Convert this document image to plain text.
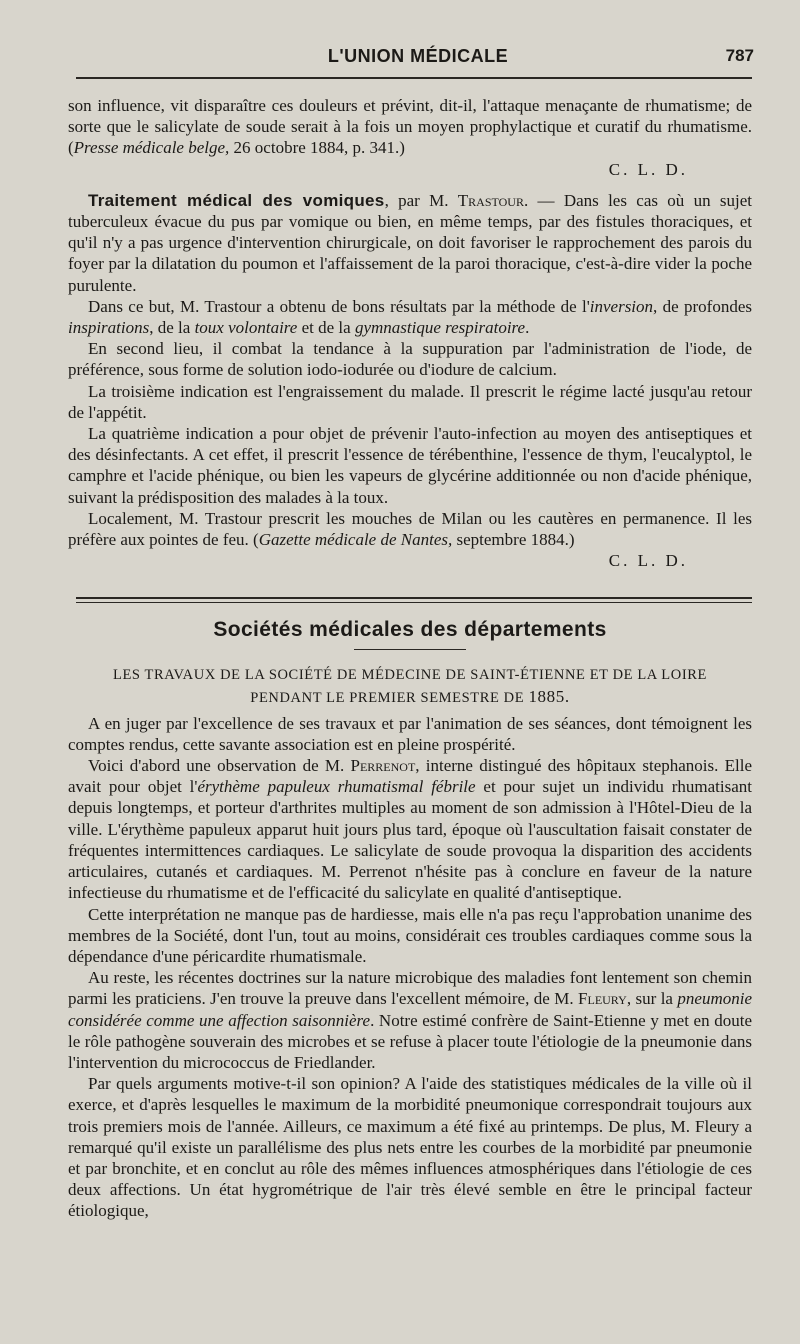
L'UNION MÉDICALE	787

son influence, vit disparaître ces douleurs et prévint, dit-il, l'attaque menaçante de rhumatisme; de sorte que le salicylate de soude serait à la fois un moyen prophylactique et curatif du rhumatisme. (Presse médicale belge, 26 octobre 1884, p. 341.)

C. L. D.

Traitement médical des vomiques, par M. Trastour. — Dans les cas où un sujet tuberculeux évacue du pus par vomique ou bien, en même temps, par des fistules thoraciques, et qu'il n'y a pas urgence d'intervention chirurgicale, on doit favoriser le rapprochement des parois du foyer par la dilatation du poumon et l'affaissement de la paroi thoracique, c'est-à-dire vider la poche purulente.

Dans ce but, M. Trastour a obtenu de bons résultats par la méthode de l'inversion, de profondes inspirations, de la toux volontaire et de la gymnastique respiratoire.

En second lieu, il combat la tendance à la suppuration par l'administration de l'iode, de préférence, sous forme de solution iodo-iodurée ou d'iodure de calcium.

La troisième indication est l'engraissement du malade. Il prescrit le régime lacté jusqu'au retour de l'appétit.

La quatrième indication a pour objet de prévenir l'auto-infection au moyen des antiseptiques et des désinfectants. A cet effet, il prescrit l'essence de térébenthine, l'essence de thym, l'eucalyptol, le camphre et l'acide phénique, ou bien les vapeurs de glycérine additionnée ou non d'acide phénique, suivant la prédisposition des malades à la toux.

Localement, M. Trastour prescrit les mouches de Milan ou les cautères en permanence. Il les préfère aux pointes de feu. (Gazette médicale de Nantes, septembre 1884.)

C. L. D.

Sociétés médicales des départements
LES TRAVAUX DE LA SOCIÉTÉ DE MÉDECINE DE SAINT-ÉTIENNE ET DE LA LOIRE
PENDANT LE PREMIER SEMESTRE DE 1885.

A en juger par l'excellence de ses travaux et par l'animation de ses séances, dont témoignent les comptes rendus, cette savante association est en pleine prospérité.

Voici d'abord une observation de M. Perrenot, interne distingué des hôpitaux stephanois. Elle avait pour objet l'érythème papuleux rhumatismal fébrile et pour sujet un individu rhumatisant depuis longtemps, et porteur d'arthrites multiples au moment de son admission à l'Hôtel-Dieu de la ville. L'érythème papuleux apparut huit jours plus tard, époque où l'auscultation faisait constater de fréquentes intermittences cardiaques. Le salicylate de soude provoqua la disparition des accidents articulaires, cutanés et cardiaques. M. Perrenot n'hésite pas à conclure en faveur de la nature infectieuse du rhumatisme et de l'efficacité du salicylate en qualité d'antiseptique.

Cette interprétation ne manque pas de hardiesse, mais elle n'a pas reçu l'approbation unanime des membres de la Société, dont l'un, tout au moins, considérait ces troubles cardiaques comme sous la dépendance d'une péricardite rhumatismale.

Au reste, les récentes doctrines sur la nature microbique des maladies font lentement son chemin parmi les praticiens. J'en trouve la preuve dans l'excellent mémoire, de M. Fleury, sur la pneumonie considérée comme une affection saisonnière. Notre estimé confrère de Saint-Etienne y met en doute le rôle pathogène souverain des microbes et se refuse à placer toute l'étiologie de la pneumonie dans l'intervention du micrococcus de Friedlander.

Par quels arguments motive-t-il son opinion? A l'aide des statistiques médicales de la ville où il exerce, et d'après lesquelles le maximum de la morbidité pneumonique correspondrait toujours aux trois premiers mois de l'année. Ailleurs, ce maximum a été fixé au printemps. De plus, M. Fleury a remarqué qu'il existe un parallélisme des plus nets entre les courbes de la morbidité par pneumonie et par bronchite, et en conclut au rôle des mêmes influences atmosphériques dans l'étiologie de ces deux affections. Un état hygrométrique de l'air très élevé semble en être le principal facteur étiologique,
